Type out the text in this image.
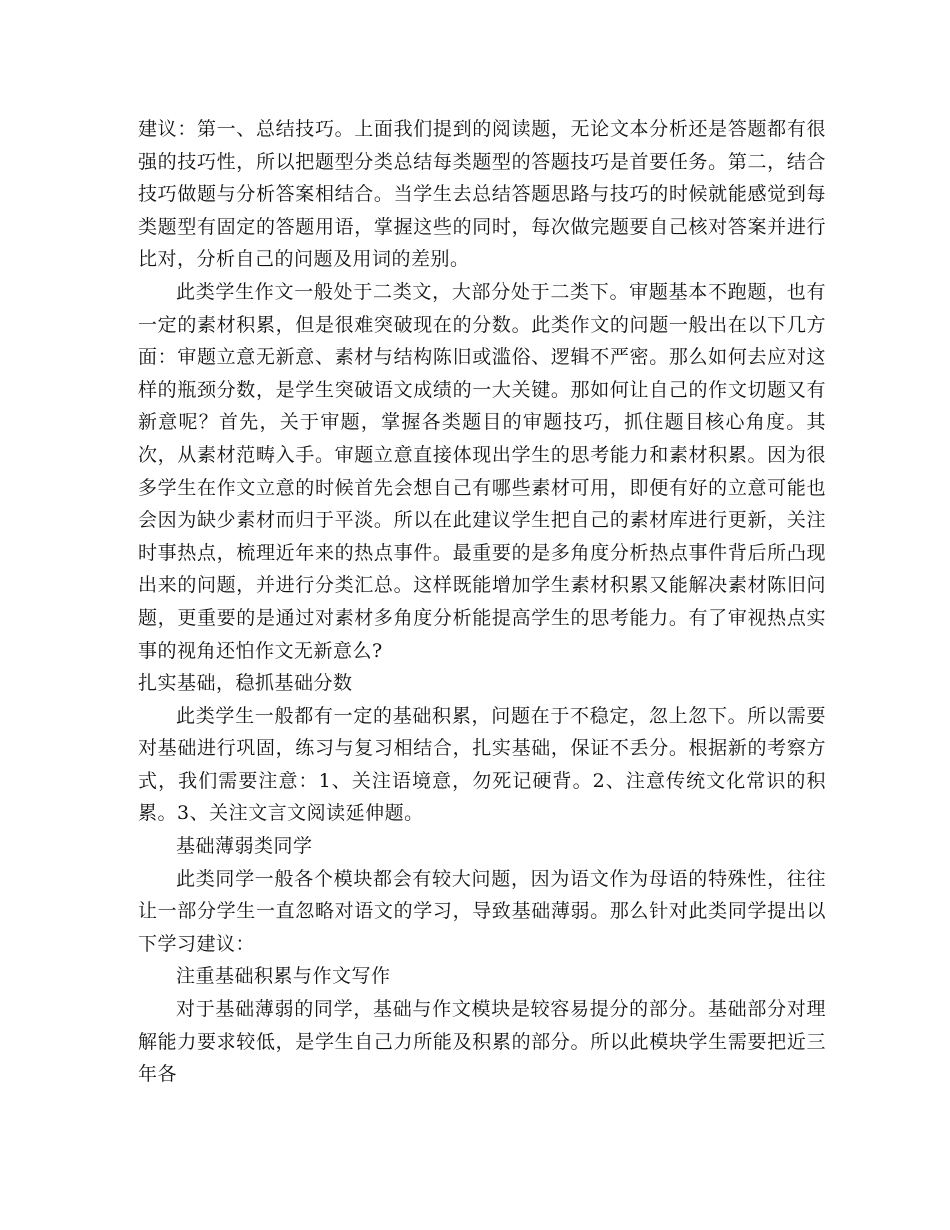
建议：第一、总结技巧。上面我们提到的阅读题，无论文本分析还是答题都有很强的技巧性，所以把题型分类总结每类题型的答题技巧是首要任务。第二，结合技巧做题与分析答案相结合。当学生去总结答题思路与技巧的时候就能感觉到每类题型有固定的答题用语，掌握这些的同时，每次做完题要自己核对答案并进行比对，分析自己的问题及用词的差别。

此类学生作文一般处于二类文，大部分处于二类下。审题基本不跑题，也有一定的素材积累，但是很难突破现在的分数。此类作文的问题一般出在以下几方面：审题立意无新意、素材与结构陈旧或滥俗、逻辑不严密。那么如何去应对这样的瓶颈分数，是学生突破语文成绩的一大关键。那如何让自己的作文切题又有新意呢？首先，关于审题，掌握各类题目的审题技巧，抓住题目核心角度。其次，从素材范畴入手。审题立意直接体现出学生的思考能力和素材积累。因为很多学生在作文立意的时候首先会想自己有哪些素材可用，即便有好的立意可能也会因为缺少素材而归于平淡。所以在此建议学生把自己的素材库进行更新，关注时事热点，梳理近年来的热点事件。最重要的是多角度分析热点事件背后所凸现出来的问题，并进行分类汇总。这样既能增加学生素材积累又能解决素材陈旧问题，更重要的是通过对素材多角度分析能提高学生的思考能力。有了审视热点实事的视角还怕作文无新意么?

扎实基础，稳抓基础分数

此类学生一般都有一定的基础积累，问题在于不稳定，忽上忽下。所以需要对基础进行巩固，练习与复习相结合，扎实基础，保证不丢分。根据新的考察方式，我们需要注意：1、关注语境意，勿死记硬背。2、注意传统文化常识的积累。3、关注文言文阅读延伸题。

基础薄弱类同学

此类同学一般各个模块都会有较大问题，因为语文作为母语的特殊性，往往让一部分学生一直忽略对语文的学习，导致基础薄弱。那么针对此类同学提出以下学习建议：

注重基础积累与作文写作

对于基础薄弱的同学，基础与作文模块是较容易提分的部分。基础部分对理解能力要求较低，是学生自己力所能及积累的部分。所以此模块学生需要把近三年各
